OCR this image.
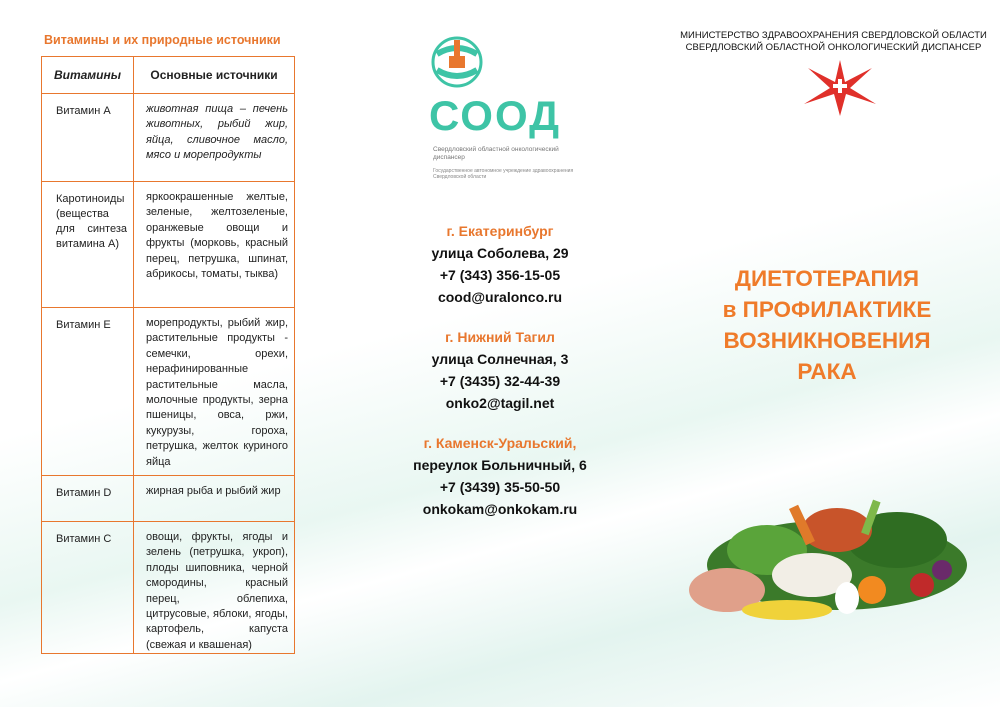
Витамины и их природные источники
Витамины	Основные источники
Витамин А	животная пища – печень животных, рыбий жир, яйца, сливочное масло, мясо и морепродукты
Каротиноиды (вещества для синтеза витамина А)	яркоокрашенные желтые, зеленые, желтозеленые, оранжевые овощи и фрукты (морковь, красный перец, петрушка, шпинат, абрикосы, томаты, тыква)
Витамин Е	морепродукты, рыбий жир, растительные продукты - семечки, орехи, нерафинированные растительные масла, молочные продукты, зерна пшеницы, овса, ржи, кукурузы, гороха, петрушка, желток куриного яйца
Витамин D	жирная рыба и рыбий жир
Витамин С	овощи, фрукты, ягоды и зелень (петрушка, укроп), плоды шиповника, черной смородины, красный перец, облепиха, цитрусовые, яблоки, ягоды, картофель, капуста (свежая и квашеная)
СООД
Свердловский областной онкологический диспансер
Государственное автономное учреждение здравоохранения Свердловской области
г. Екатеринбург
улица Соболева, 29
+7 (343) 356-15-05
cood@uralonco.ru
г. Нижний Тагил
улица Солнечная, 3
+7 (3435) 32-44-39
onko2@tagil.net
г. Каменск-Уральский,
переулок Больничный, 6
+7 (3439) 35-50-50
onkokam@onkokam.ru
МИНИСТЕРСТВО ЗДРАВООХРАНЕНИЯ СВЕРДЛОВСКОЙ ОБЛАСТИ
СВЕРДЛОВСКИЙ ОБЛАСТНОЙ ОНКОЛОГИЧЕСКИЙ ДИСПАНСЕР
ДИЕТОТЕРАПИЯ
в ПРОФИЛАКТИКЕ
ВОЗНИКНОВЕНИЯ
РАКА
